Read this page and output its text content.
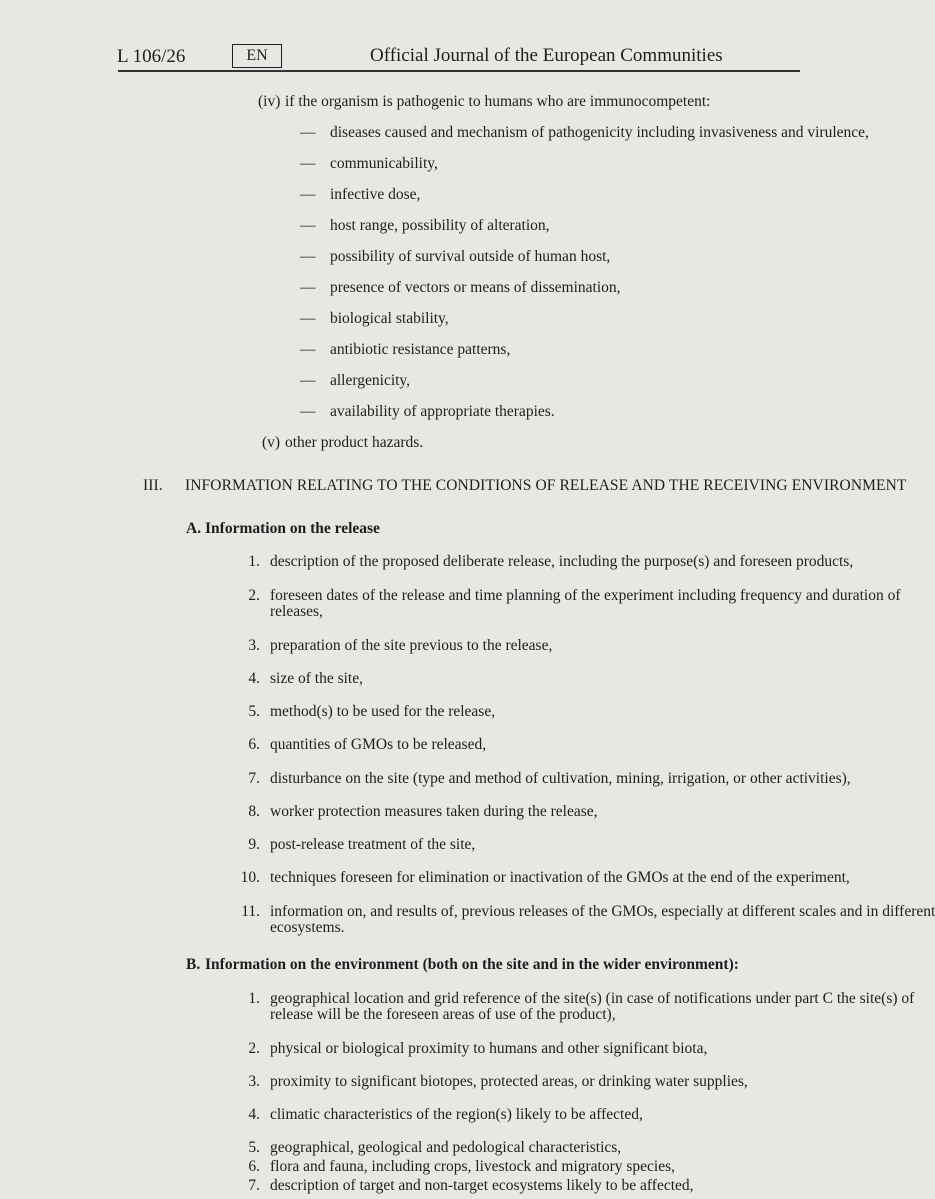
L 106/26	EN	Official Journal of the European Communities
(iv) if the organism is pathogenic to humans who are immunocompetent:
— diseases caused and mechanism of pathogenicity including invasiveness and virulence,
— communicability,
— infective dose,
— host range, possibility of alteration,
— possibility of survival outside of human host,
— presence of vectors or means of dissemination,
— biological stability,
— antibiotic resistance patterns,
— allergenicity,
— availability of appropriate therapies.
(v) other product hazards.
III. INFORMATION RELATING TO THE CONDITIONS OF RELEASE AND THE RECEIVING ENVIRONMENT
A. Information on the release
1. description of the proposed deliberate release, including the purpose(s) and foreseen products,
2. foreseen dates of the release and time planning of the experiment including frequency and duration of
releases,
3. preparation of the site previous to the release,
4. size of the site,
5. method(s) to be used for the release,
6. quantities of GMOs to be released,
7. disturbance on the site (type and method of cultivation, mining, irrigation, or other activities),
8. worker protection measures taken during the release,
9. post-release treatment of the site,
10. techniques foreseen for elimination or inactivation of the GMOs at the end of the experiment,
11. information on, and results of, previous releases of the GMOs, especially at different scales and in different
ecosystems.
B. Information on the environment (both on the site and in the wider environment):
1. geographical location and grid reference of the site(s) (in case of notifications under part C the site(s) of
release will be the foreseen areas of use of the product),
2. physical or biological proximity to humans and other significant biota,
3. proximity to significant biotopes, protected areas, or drinking water supplies,
4. climatic characteristics of the region(s) likely to be affected,
5. geographical, geological and pedological characteristics,
6. flora and fauna, including crops, livestock and migratory species,
7. description of target and non-target ecosystems likely to be affected,
